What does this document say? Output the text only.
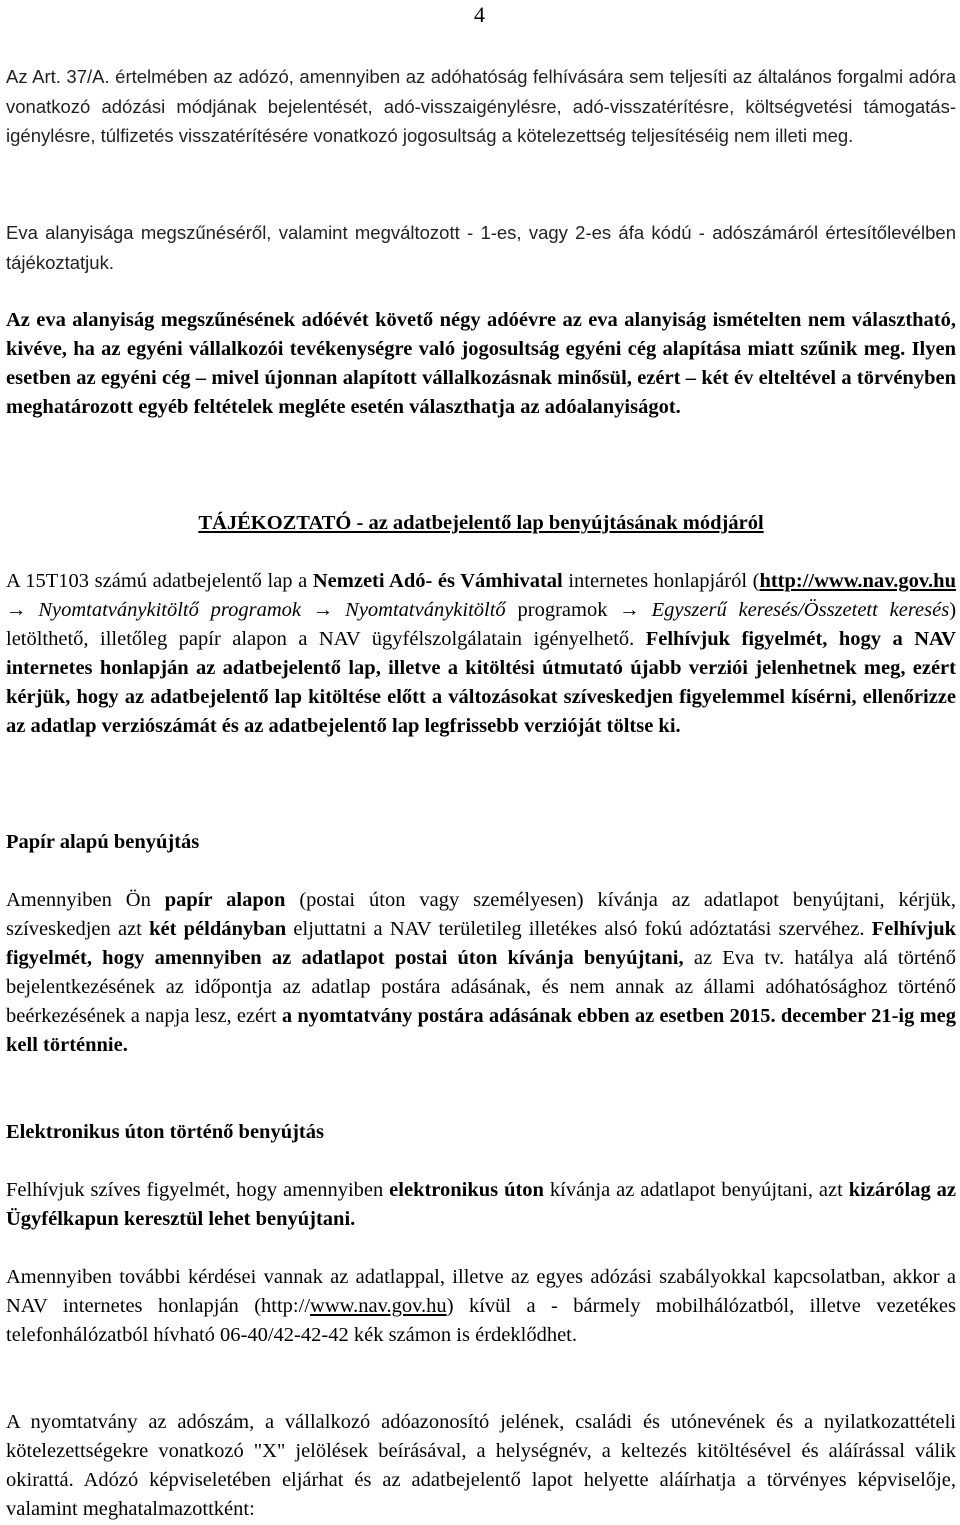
4

Az Art. 37/A. értelmében az adózó, amennyiben az adóhatóság felhívására sem teljesíti az általános forgalmi adóra vonatkozó adózási módjának bejelentését, adó-visszaigénylésre, adó-visszatérítésre, költségvetési támogatás-igénylésre, túlfizetés visszatérítésére vonatkozó jogosultság a kötelezettség teljesítéséig nem illeti meg.

Eva alanyisága megszűnéséről, valamint megváltozott - 1-es, vagy 2-es áfa kódú - adószámáról értesítőlevélben tájékoztatjuk.

Az eva alanyiság megszűnésének adóévét követő négy adóévre az eva alanyiság ismételten nem választható, kivéve, ha az egyéni vállalkozói tevékenységre való jogosultság egyéni cég alapítása miatt szűnik meg. Ilyen esetben az egyéni cég – mivel újonnan alapított vállalkozásnak minősül, ezért – két év elteltével a törvényben meghatározott egyéb feltételek megléte esetén választhatja az adóalanyiságot.

TÁJÉKOZTATÓ - az adatbejelentő lap benyújtásának módjáról

A 15T103 számú adatbejelentő lap a Nemzeti Adó- és Vámhivatal internetes honlapjáról (http://www.nav.gov.hu → Nyomtatványkitöltő programok → Nyomtatványkitöltő programok → Egyszerű keresés/Összetett keresés) letölthető, illetőleg papír alapon a NAV ügyfélszolgálatain igényelhető. Felhívjuk figyelmét, hogy a NAV internetes honlapján az adatbejelentő lap, illetve a kitöltési útmutató újabb verziói jelenhetnek meg, ezért kérjük, hogy az adatbejelentő lap kitöltése előtt a változásokat szíveskedjen figyelemmel kísérni, ellenőrizze az adatlap verziószámát és az adatbejelentő lap legfrissebb verzióját töltse ki.

Papír alapú benyújtás

Amennyiben Ön papír alapon (postai úton vagy személyesen) kívánja az adatlapot benyújtani, kérjük, szíveskedjen azt két példányban eljuttatni a NAV területileg illetékes alsó fokú adóztatási szervéhez. Felhívjuk figyelmét, hogy amennyiben az adatlapot postai úton kívánja benyújtani, az Eva tv. hatálya alá történő bejelentkezésének az időpontja az adatlap postára adásának, és nem annak az állami adóhatósághoz történő beérkezésének a napja lesz, ezért a nyomtatvány postára adásának ebben az esetben 2015. december 21-ig meg kell történnie.

Elektronikus úton történő benyújtás

Felhívjuk szíves figyelmét, hogy amennyiben elektronikus úton kívánja az adatlapot benyújtani, azt kizárólag az Ügyfélkapun keresztül lehet benyújtani.

Amennyiben további kérdései vannak az adatlappal, illetve az egyes adózási szabályokkal kapcsolatban, akkor a NAV internetes honlapján (http://www.nav.gov.hu) kívül a - bármely mobilhálózatból, illetve vezetékes telefonhálózatból hívható 06-40/42-42-42 kék számon is érdeklődhet.

A nyomtatvány az adószám, a vállalkozó adóazonosító jelének, családi és utónevének és a nyilatkozattételi kötelezettségekre vonatkozó "X" jelölések beírásával, a helységnév, a keltezés kitöltésével és aláírással válik okirattá. Adózó képviseletében eljárhat és az adatbejelentő lapot helyette aláírhatja a törvényes képviselője, valamint meghatalmazottként:
